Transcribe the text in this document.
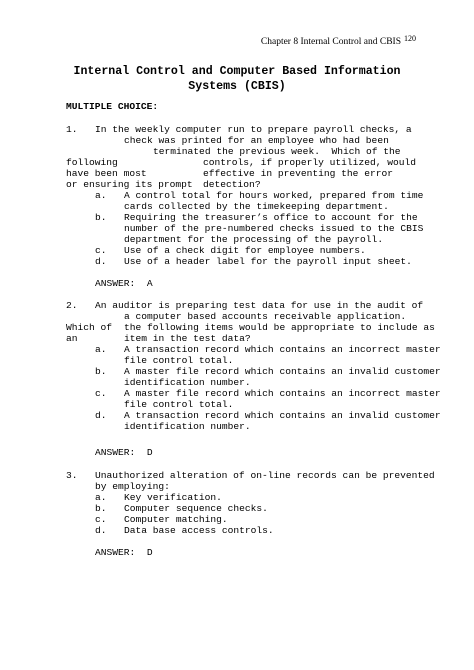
Chapter 8 Internal Control and CBIS $^{120}$
Internal Control and Computer Based Information
Systems (CBIS)
MULTIPLE CHOICE:
1. In the weekly computer run to prepare payroll checks, a
check was printed for an employee who had been
terminated the previous week.  Which of the
following	controls, if properly utilized, would
have been most	effective in preventing the error
or ensuring its prompt detection?
a. A control total for hours worked, prepared from time
cards collected by the timekeeping department.
b. Requiring the treasurer’s office to account for the
number of the pre-numbered checks issued to the CBIS
department for the processing of the payroll.
c. Use of a check digit for employee numbers.
d. Use of a header label for the payroll input sheet.
ANSWER:  A
2. An auditor is preparing test data for use in the audit of
a computer based accounts receivable application.
Which of the following items would be appropriate to include as
an	item in the test data?
a. A transaction record which contains an incorrect master
file control total.
b. A master file record which contains an invalid customer
identification number.
c. A master file record which contains an incorrect master
file control total.
d. A transaction record which contains an invalid customer
identification number.
ANSWER:  D
3. Unauthorized alteration of on-line records can be prevented
by employing:
a. Key verification.
b. Computer sequence checks.
c. Computer matching.
d. Data base access controls.
ANSWER:  D
